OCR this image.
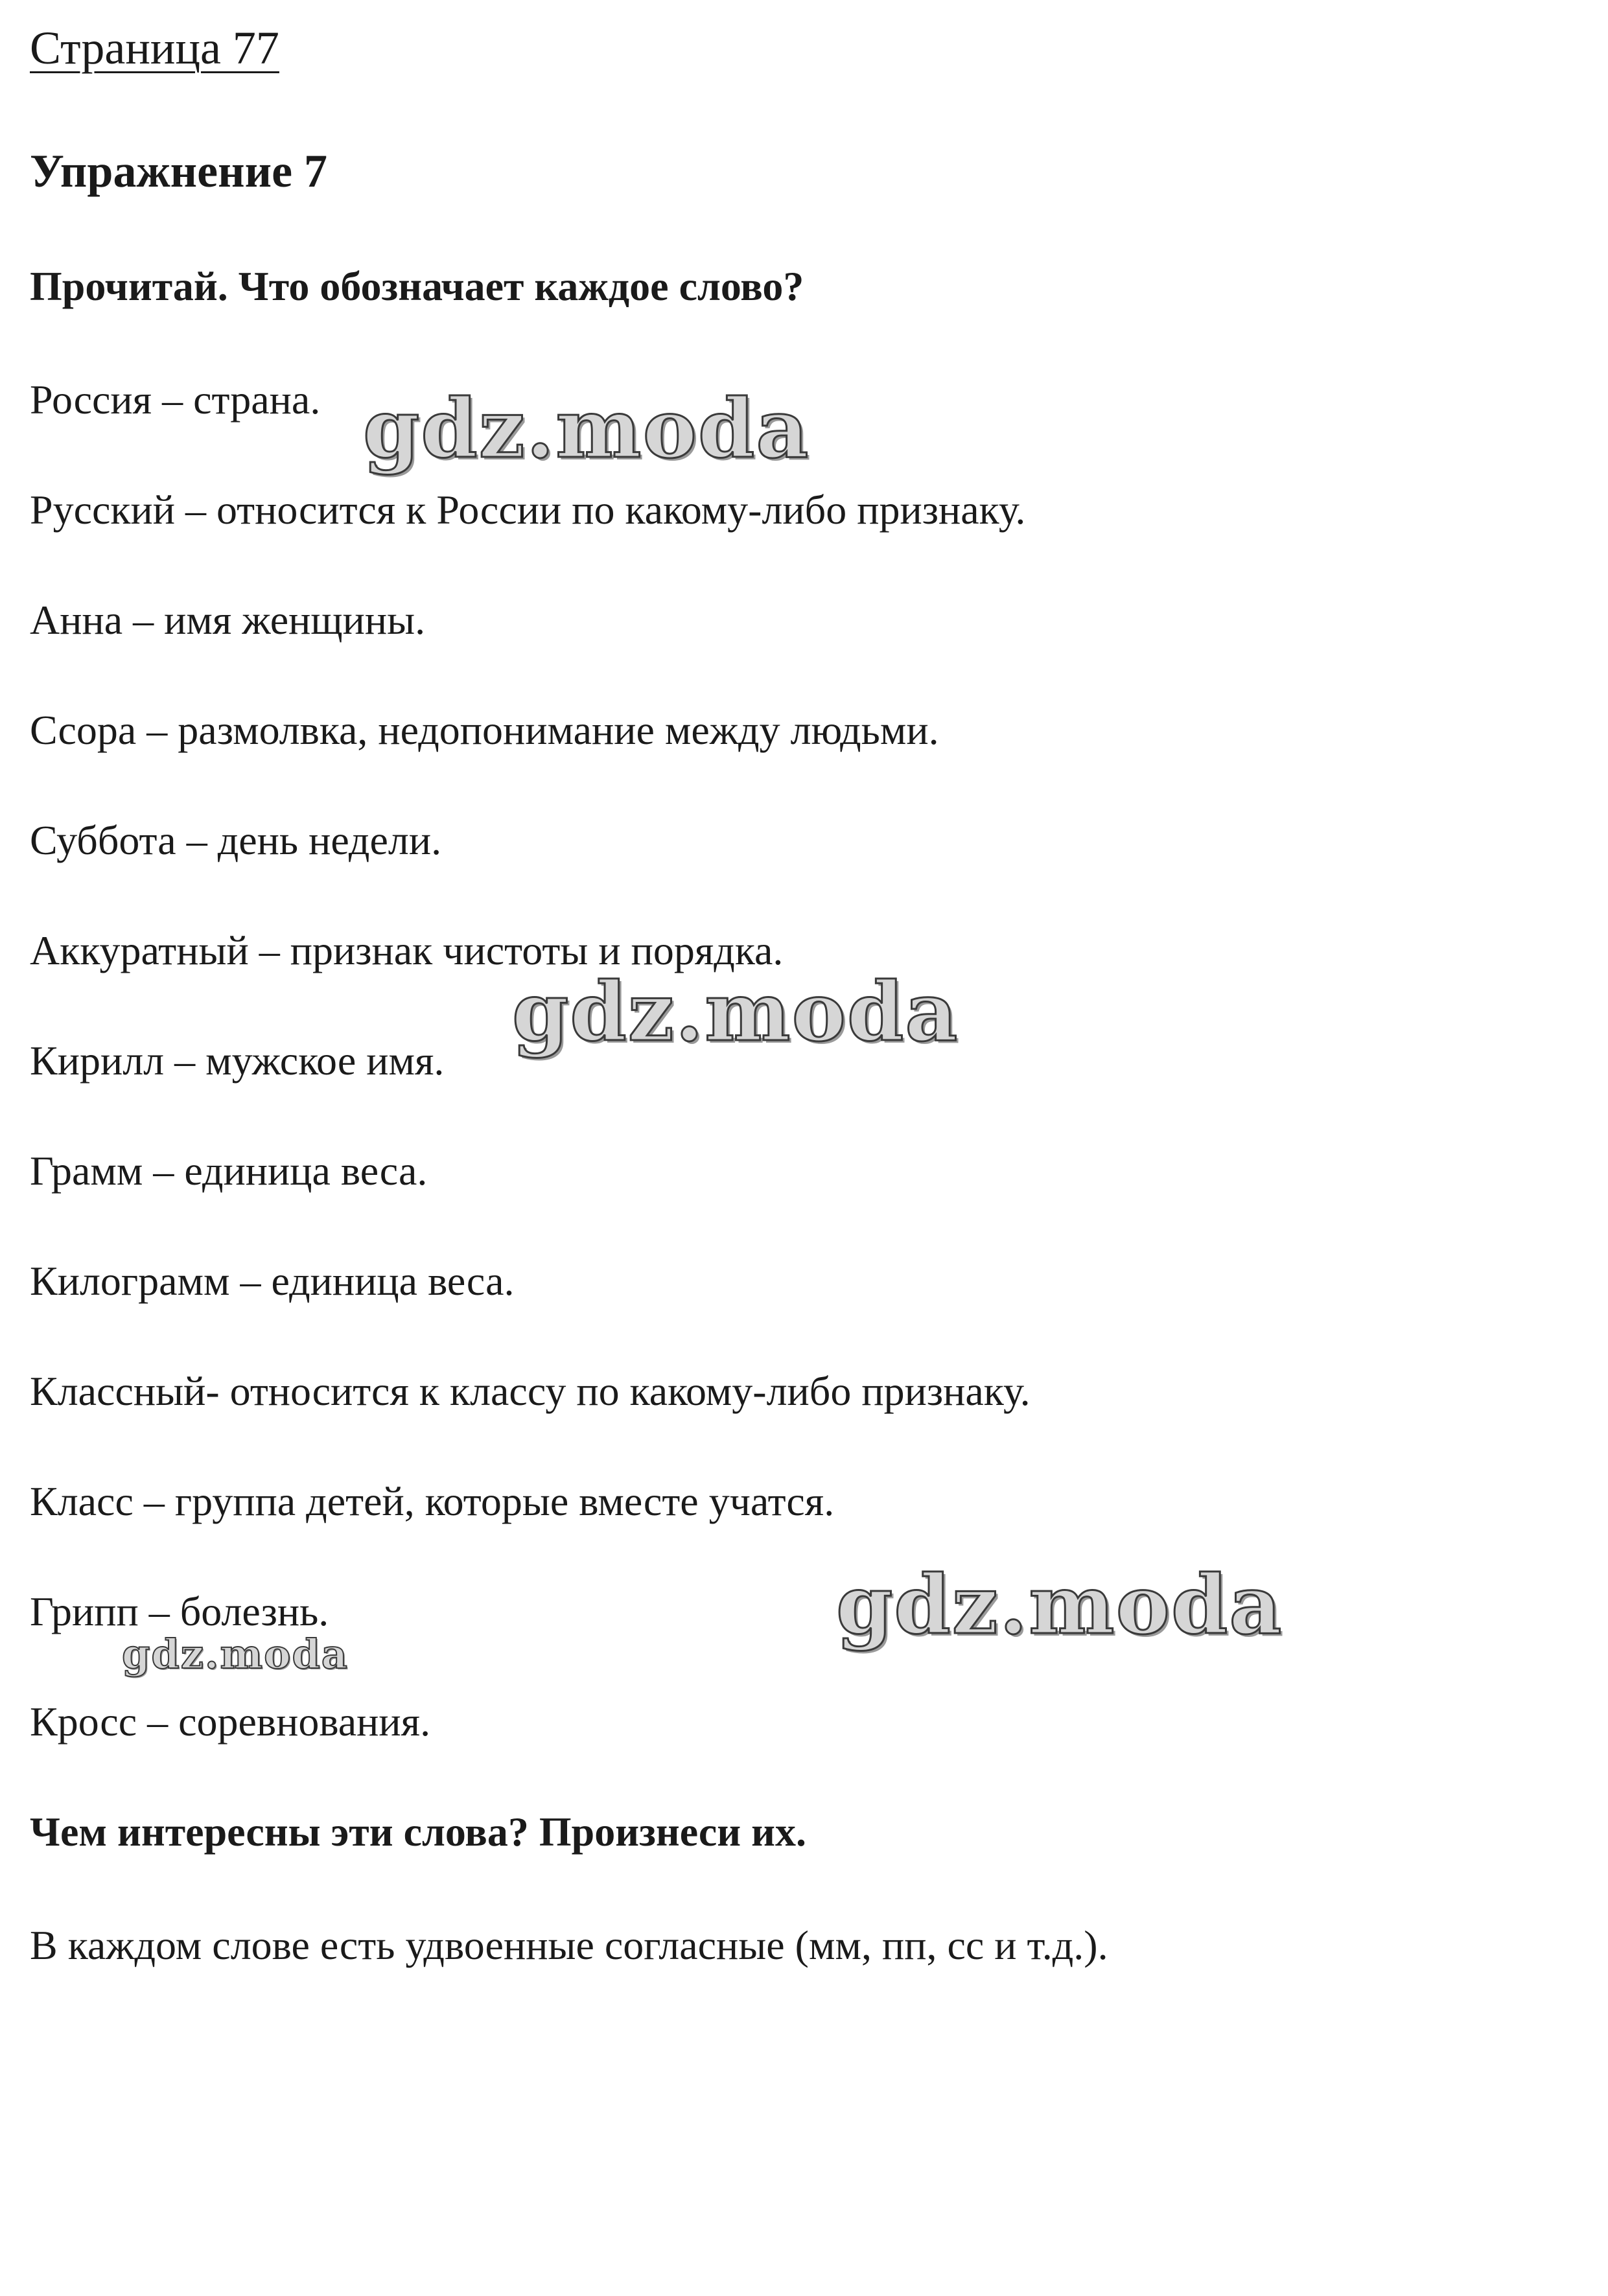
Страница 77
Упражнение 7
Прочитай. Что обозначает каждое слово?
Россия – страна.
Русский – относится к России по какому-либо признаку.
Анна – имя женщины.
Ссора – размолвка, недопонимание между людьми.
Суббота – день недели.
Аккуратный – признак чистоты и порядка.
Кирилл – мужское имя.
Грамм – единица веса.
Килограмм – единица веса.
Классный- относится к классу по какому-либо признаку.
Класс – группа детей, которые вместе учатся.
Грипп – болезнь.
Кросс – соревнования.
Чем интересны эти слова? Произнеси их.
В каждом слове есть удвоенные согласные (мм, пп, сс и т.д.).
gdz.moda
gdz.moda
gdz.moda
gdz.moda
